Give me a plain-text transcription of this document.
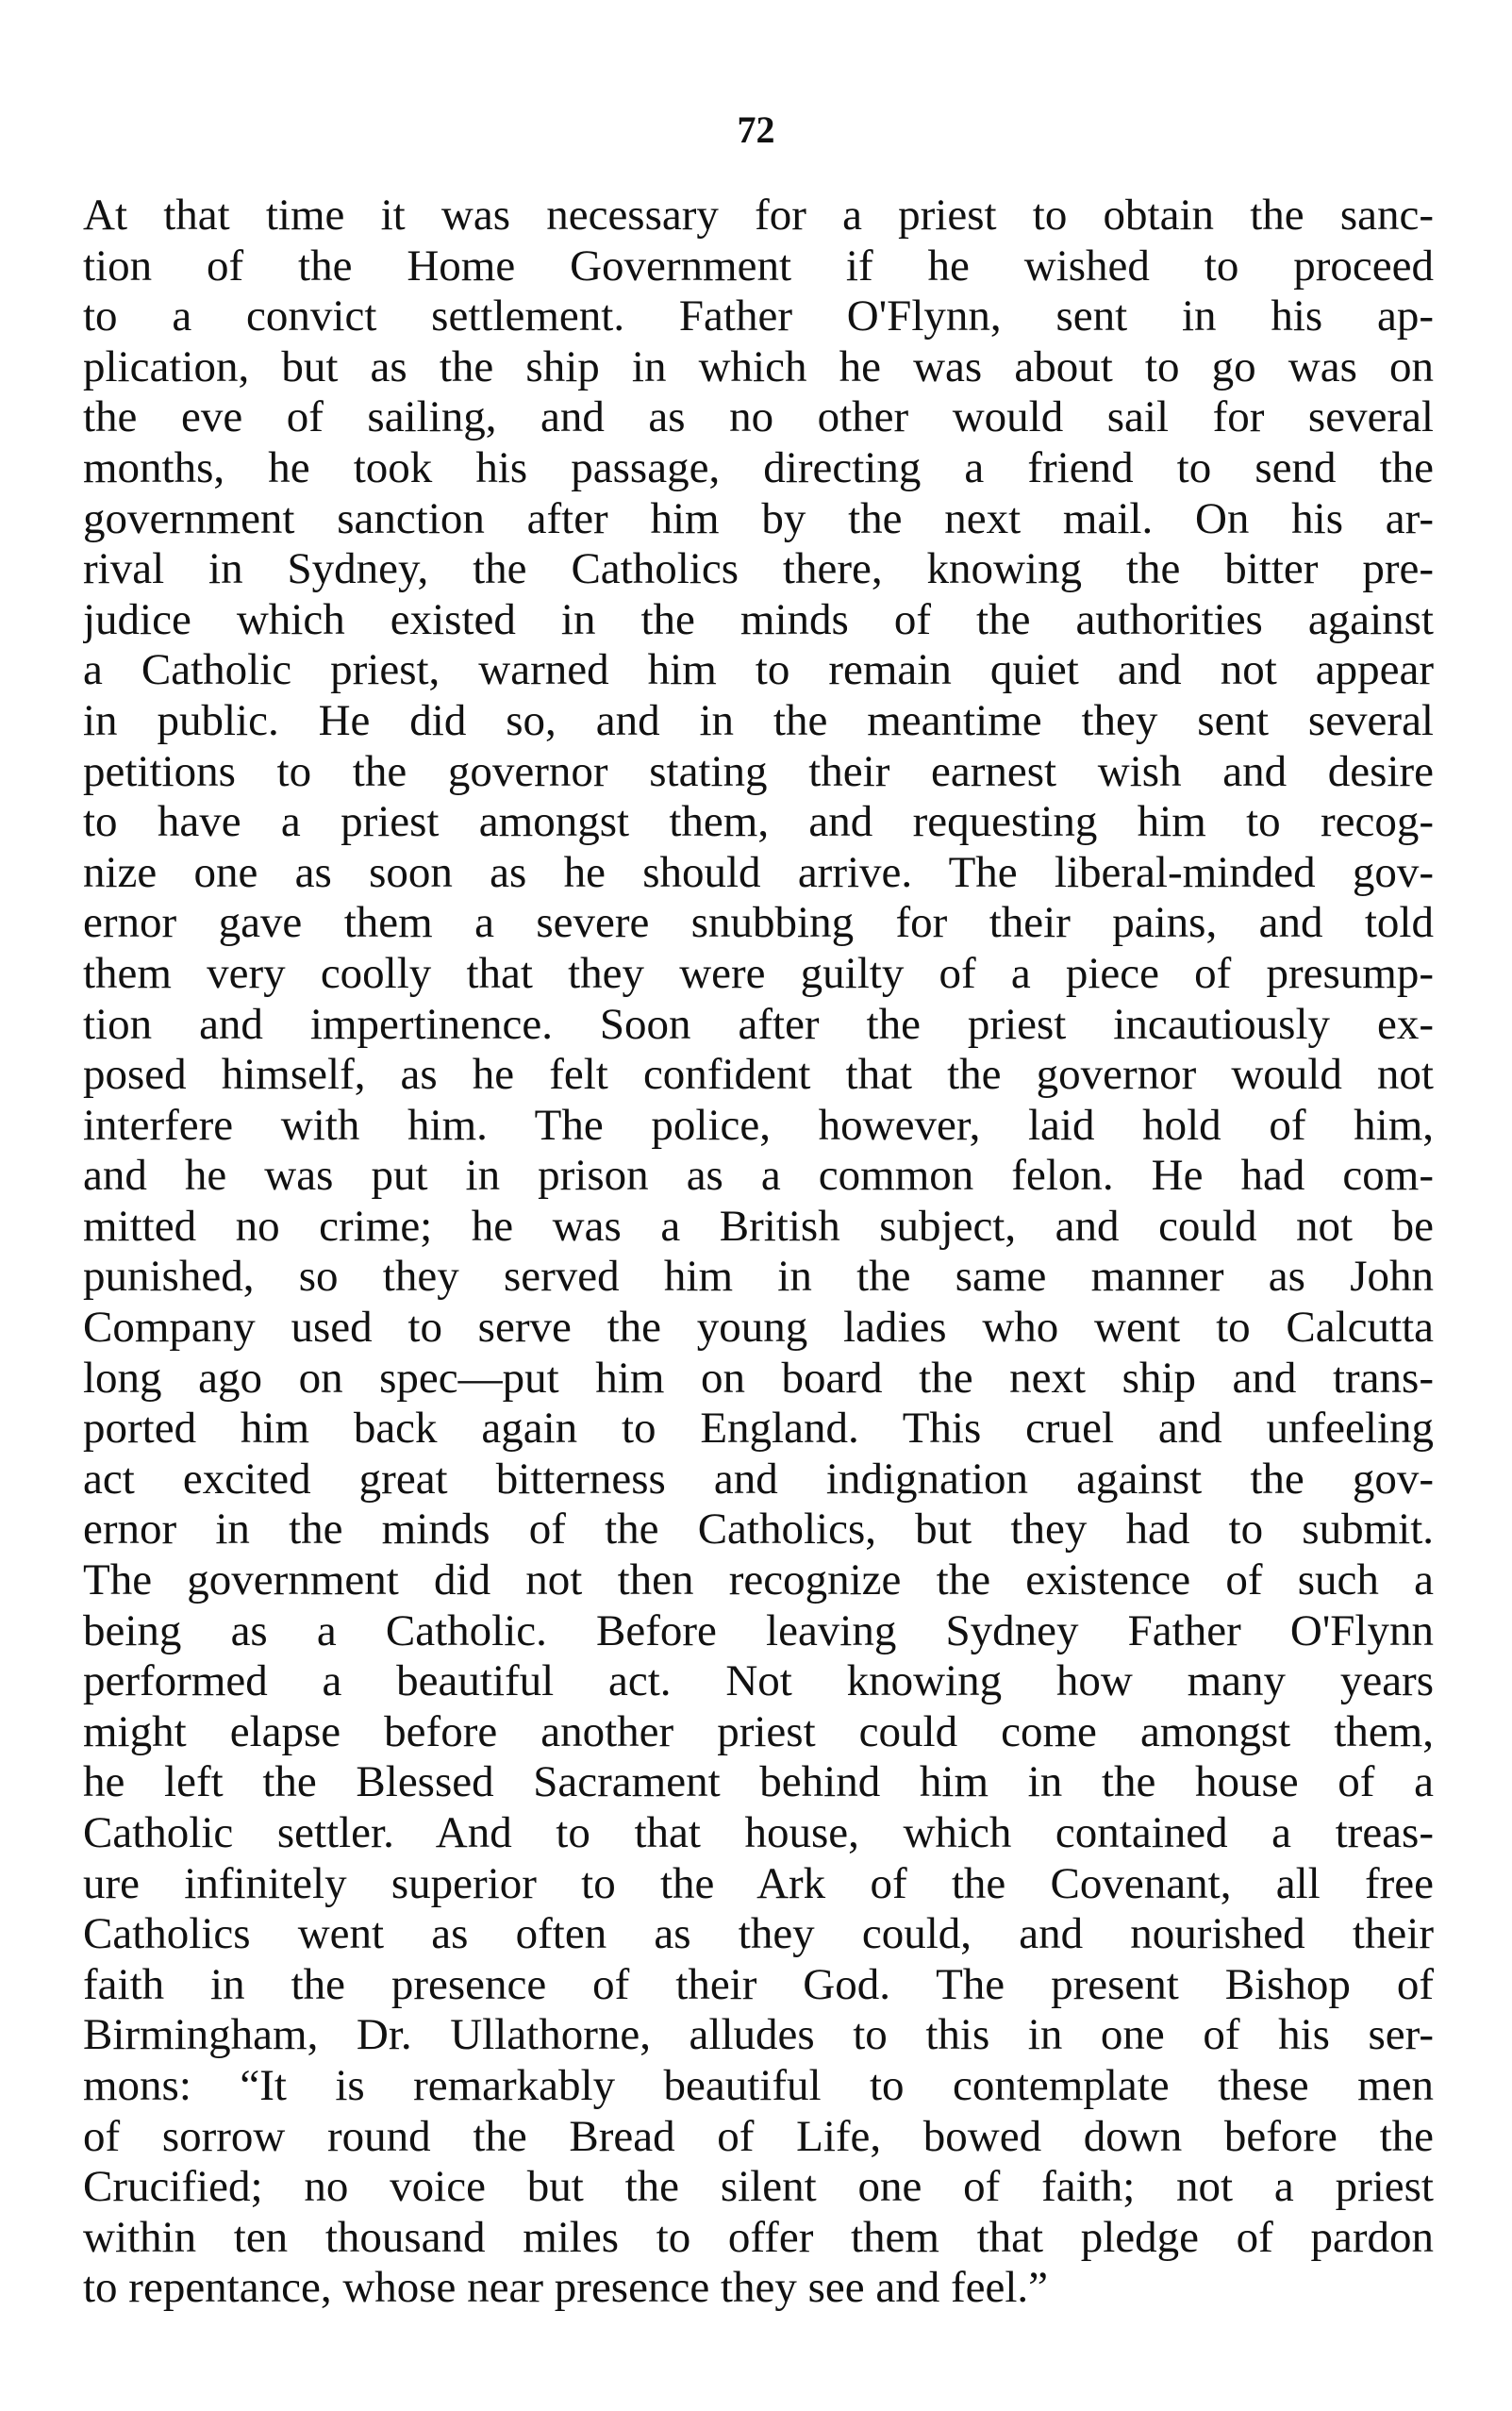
72
At that time it was necessary for a priest to obtain the sanc-
tion of the Home Government if he wished to proceed
to a convict settlement. Father O'Flynn, sent in his ap-
plication, but as the ship in which he was about to go was on
the eve of sailing, and as no other would sail for several
months, he took his passage, directing a friend to send the
government sanction after him by the next mail. On his ar-
rival in Sydney, the Catholics there, knowing the bitter pre-
judice which existed in the minds of the authorities against
a Catholic priest, warned him to remain quiet and not appear
in public. He did so, and in the meantime they sent several
petitions to the governor stating their earnest wish and desire
to have a priest amongst them, and requesting him to recog-
nize one as soon as he should arrive. The liberal-minded gov-
ernor gave them a severe snubbing for their pains, and told
them very coolly that they were guilty of a piece of presump-
tion and impertinence. Soon after the priest incautiously ex-
posed himself, as he felt confident that the governor would not
interfere with him. The police, however, laid hold of him,
and he was put in prison as a common felon. He had com-
mitted no crime; he was a British subject, and could not be
punished, so they served him in the same manner as John
Company used to serve the young ladies who went to Calcutta
long ago on spec—put him on board the next ship and trans-
ported him back again to England. This cruel and unfeeling
act excited great bitterness and indignation against the gov-
ernor in the minds of the Catholics, but they had to submit.
The government did not then recognize the existence of such a
being as a Catholic. Before leaving Sydney Father O'Flynn
performed a beautiful act. Not knowing how many years
might elapse before another priest could come amongst them,
he left the Blessed Sacrament behind him in the house of a
Catholic settler. And to that house, which contained a treas-
ure infinitely superior to the Ark of the Covenant, all free
Catholics went as often as they could, and nourished their
faith in the presence of their God. The present Bishop of
Birmingham, Dr. Ullathorne, alludes to this in one of his ser-
mons: “It is remarkably beautiful to contemplate these men
of sorrow round the Bread of Life, bowed down before the
Crucified; no voice but the silent one of faith; not a priest
within ten thousand miles to offer them that pledge of pardon
to repentance, whose near presence they see and feel.”
